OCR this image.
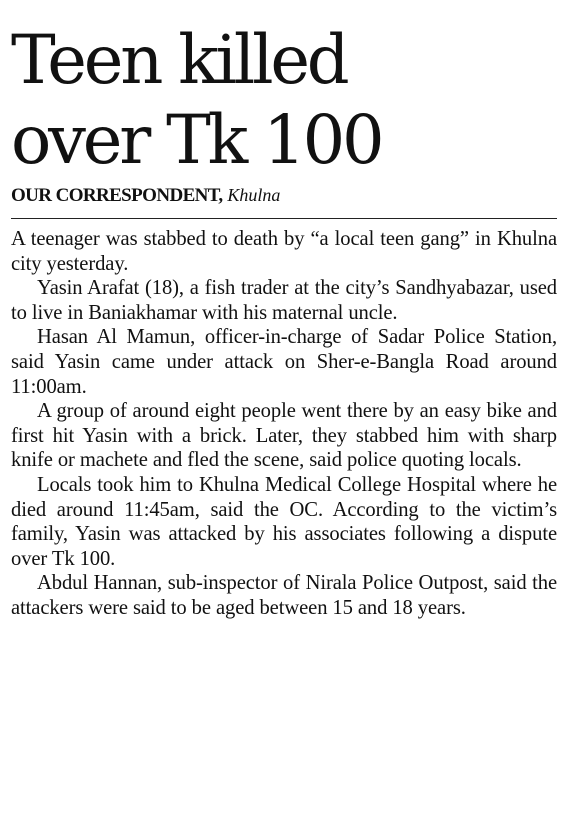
Teen killed
over Tk 100
OUR CORRESPONDENT, Khulna

A teenager was stabbed to death by “a local teen gang” in Khulna city yesterday.

Yasin Arafat (18), a fish trader at the city’s Sandhyabazar, used to live in Baniakhamar with his maternal uncle.

Hasan Al Mamun, officer-in-charge of Sadar Police Station, said Yasin came under attack on Sher-e-Bangla Road around 11:00am.

A group of around eight people went there by an easy bike and first hit Yasin with a brick. Later, they stabbed him with sharp knife or machete and fled the scene, said police quoting locals.

Locals took him to Khulna Medical College Hospital where he died around 11:45am, said the OC. According to the victim’s family, Yasin was attacked by his associates following a dispute over Tk 100.

Abdul Hannan, sub-inspector of Nirala Police Outpost, said the attackers were said to be aged between 15 and 18 years.
